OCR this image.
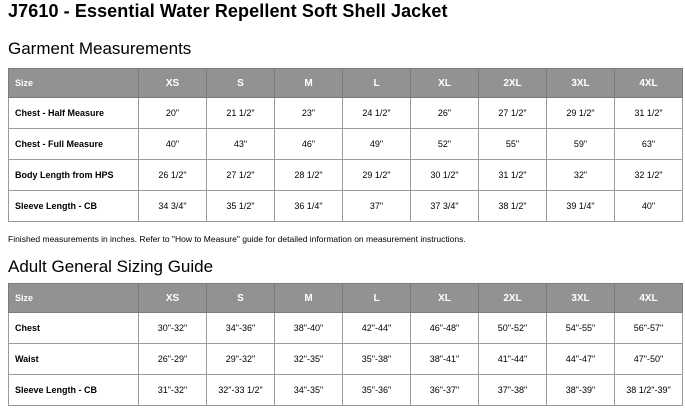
J7610 - Essential Water Repellent Soft Shell Jacket
Garment Measurements
Size	XS	S	M	L	XL	2XL	3XL	4XL
Chest - Half Measure	20"	21 1/2"	23"	24 1/2"	26"	27 1/2"	29 1/2"	31 1/2"
Chest - Full Measure	40"	43"	46"	49"	52"	55"	59"	63"
Body Length from HPS	26 1/2"	27 1/2"	28 1/2"	29 1/2"	30 1/2"	31 1/2"	32"	32 1/2"
Sleeve Length - CB	34 3/4"	35 1/2"	36 1/4"	37"	37 3/4"	38 1/2"	39 1/4"	40"
Finished measurements in inches. Refer to "How to Measure" guide for detailed information on measurement instructions.
Adult General Sizing Guide
Size	XS	S	M	L	XL	2XL	3XL	4XL
Chest	30"-32"	34"-36"	38"-40"	42"-44"	46"-48"	50"-52"	54"-55"	56"-57"
Waist	26"-29"	29"-32"	32"-35"	35"-38"	38"-41"	41"-44"	44"-47"	47"-50"
Sleeve Length - CB	31"-32"	32"-33 1/2"	34"-35"	35"-36"	36"-37"	37"-38"	38"-39"	38 1/2"-39"
